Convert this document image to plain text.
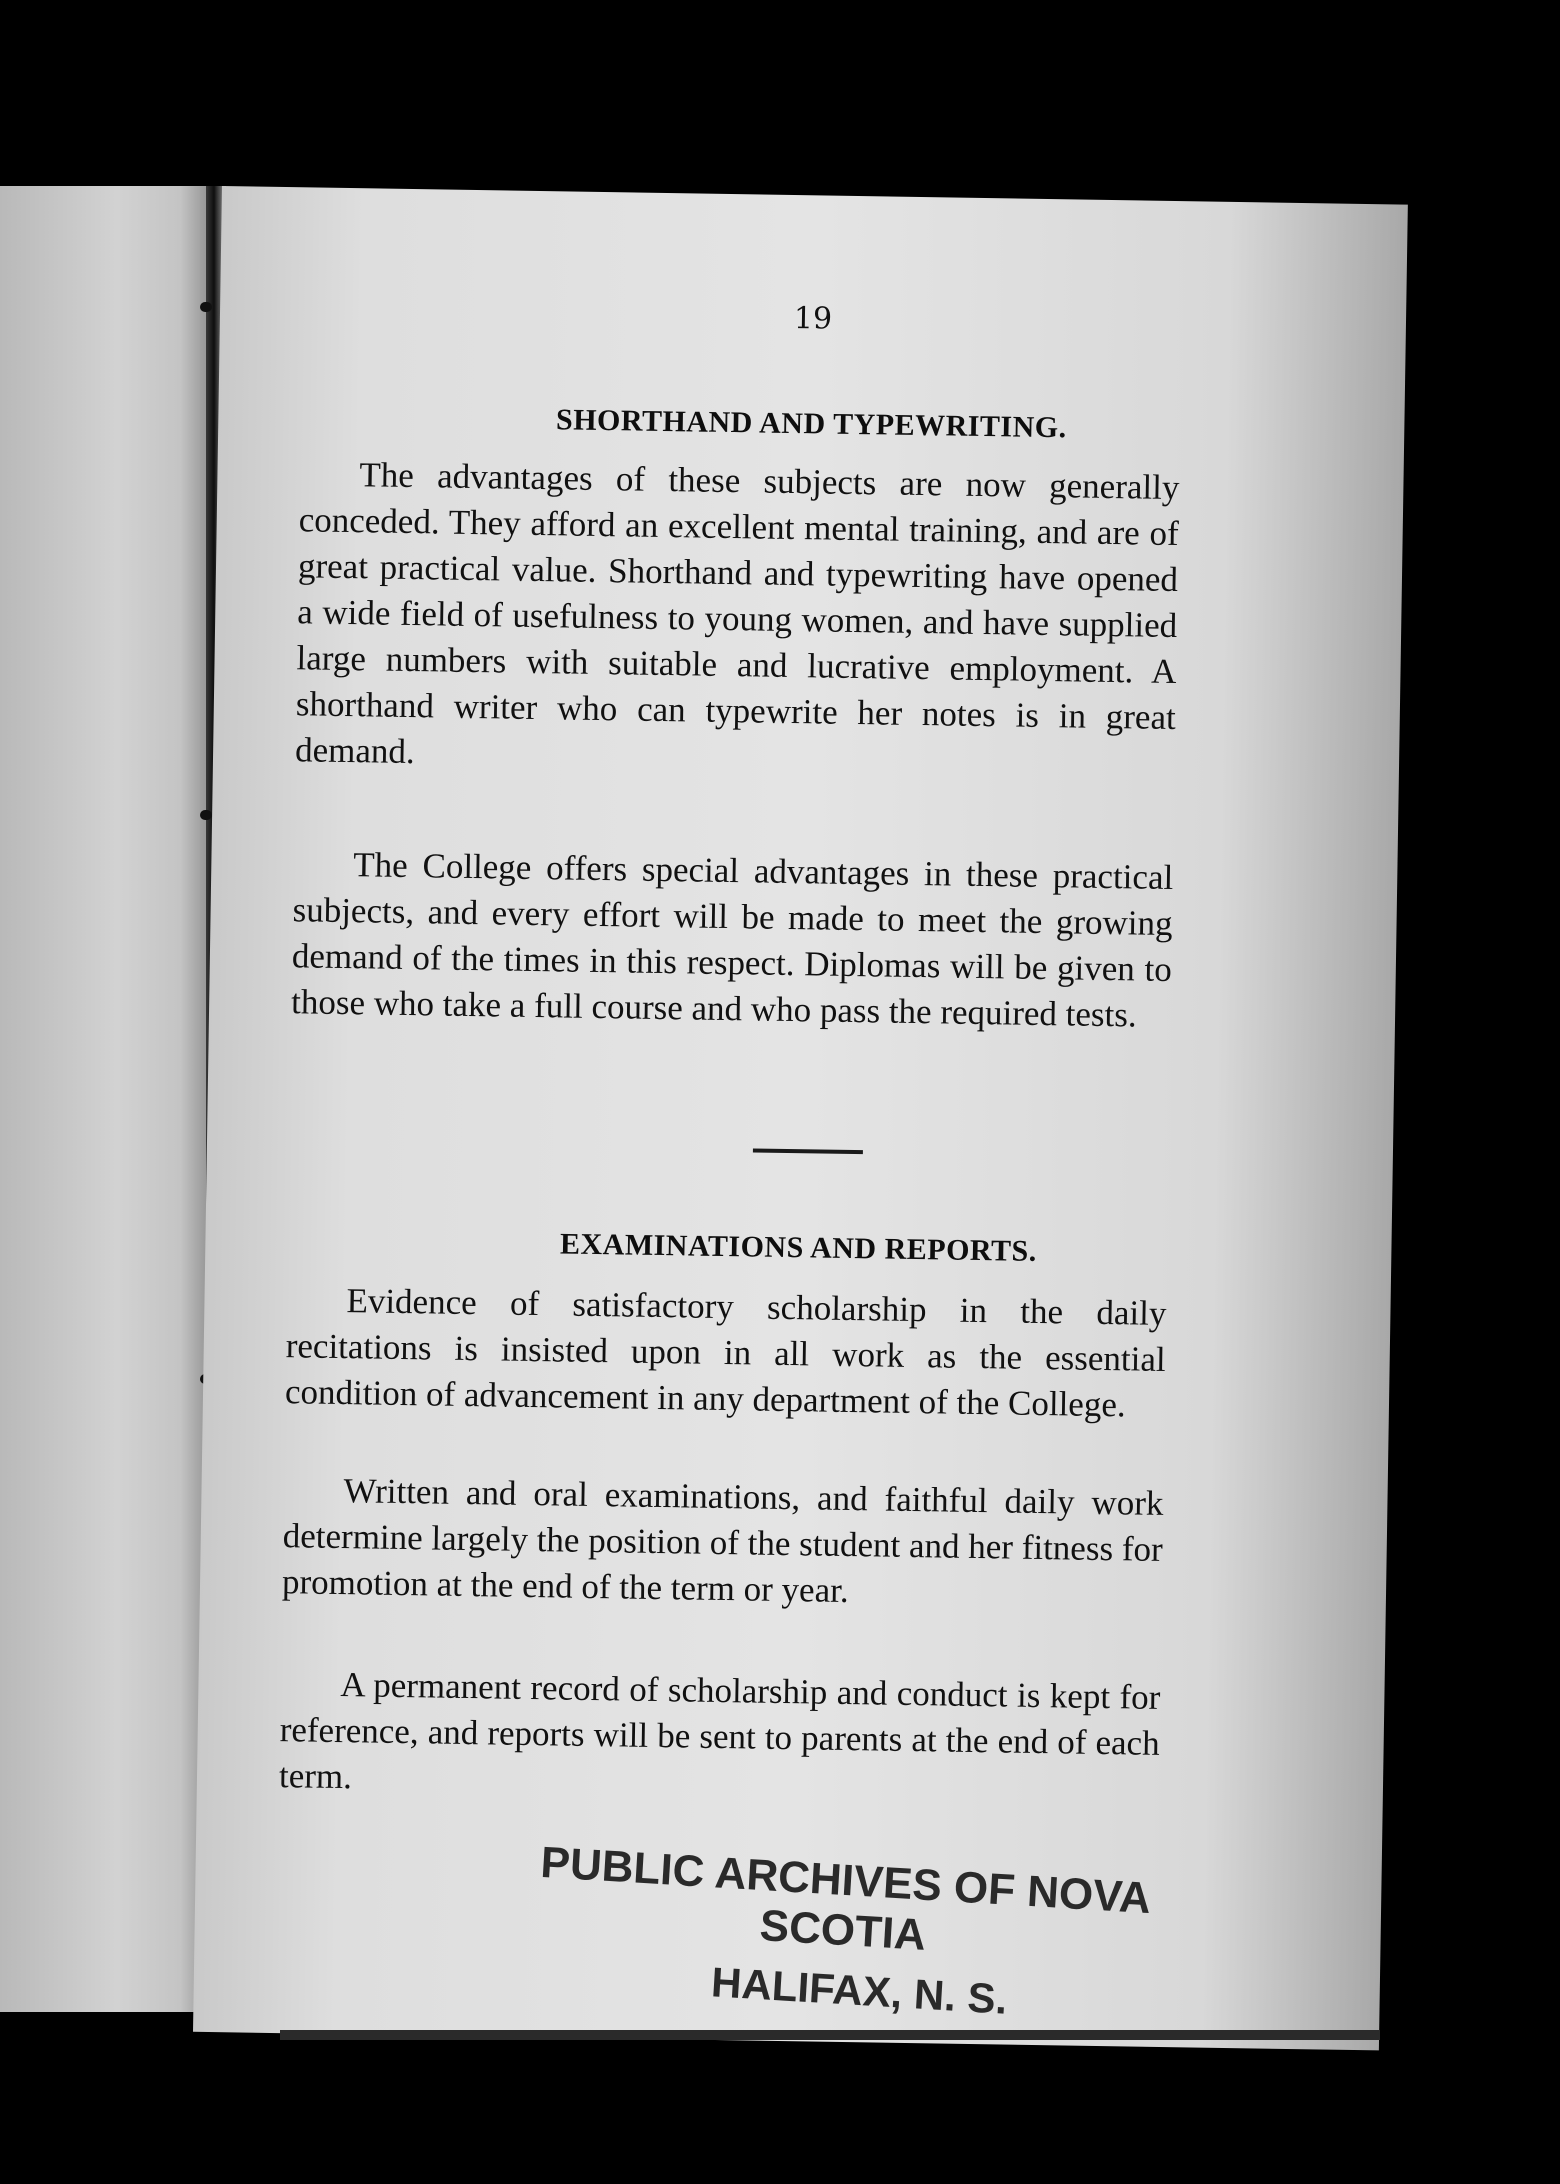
19
SHORTHAND AND TYPEWRITING.

The advantages of these subjects are now generally conceded. They afford an excellent mental training, and are of great practical value. Shorthand and typewriting have opened a wide field of usefulness to young women, and have supplied large numbers with suitable and lucrative employment. A shorthand writer who can typewrite her notes is in great demand.

The College offers special advantages in these practical subjects, and every effort will be made to meet the growing demand of the times in this respect. Diplomas will be given to those who take a full course and who pass the required tests.

EXAMINATIONS AND REPORTS.

Evidence of satisfactory scholarship in the daily recitations is insisted upon in all work as the essential condition of advancement in any department of the College.

Written and oral examinations, and faithful daily work determine largely the position of the student and her fitness for promotion at the end of the term or year.

A permanent record of scholarship and conduct is kept for reference, and reports will be sent to parents at the end of each term.

PUBLIC ARCHIVES OF NOVA SCOTIA
HALIFAX, N. S.
